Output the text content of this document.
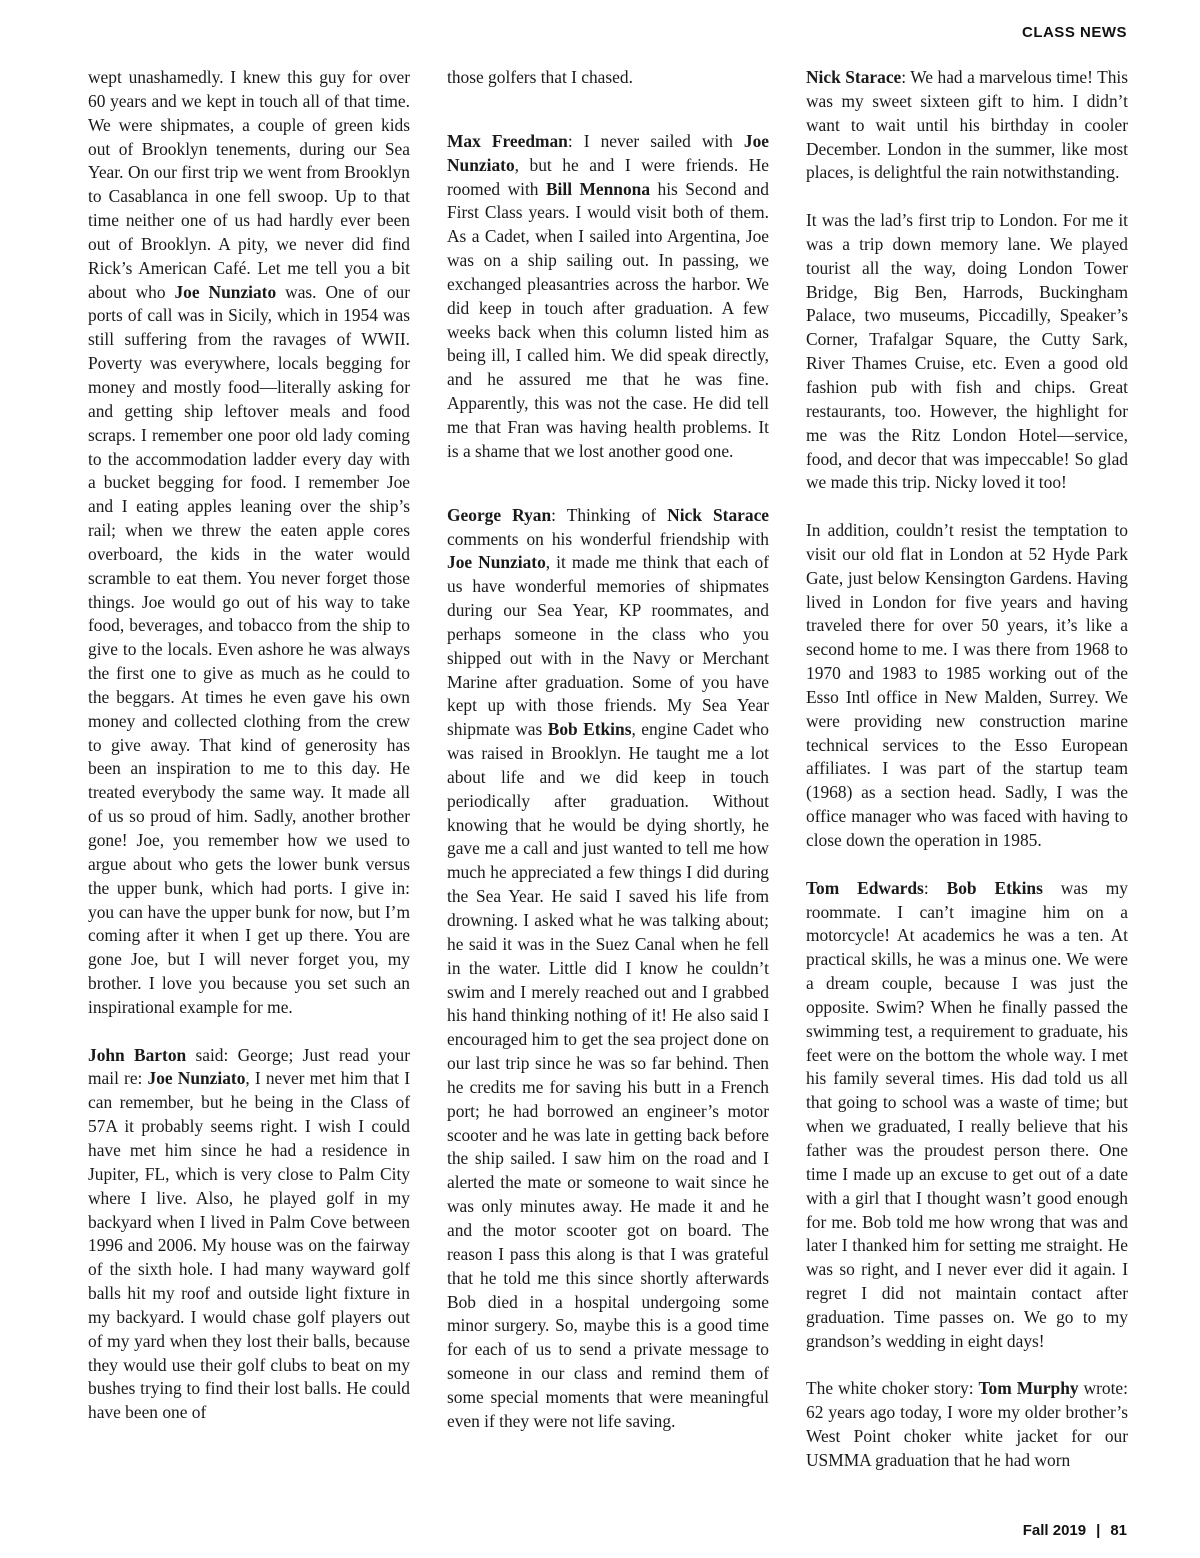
CLASS NEWS

wept unashamedly. I knew this guy for over 60 years and we kept in touch all of that time. We were shipmates, a couple of green kids out of Brooklyn tenements, during our Sea Year. On our first trip we went from Brooklyn to Casablanca in one fell swoop. Up to that time neither one of us had hardly ever been out of Brooklyn. A pity, we never did find Rick’s American Café. Let me tell you a bit about who Joe Nunziato was. One of our ports of call was in Sicily, which in 1954 was still suffering from the ravages of WWII. Poverty was everywhere, locals begging for money and mostly food—literally asking for and getting ship leftover meals and food scraps. I remember one poor old lady coming to the accommodation ladder every day with a bucket begging for food. I remember Joe and I eating apples leaning over the ship’s rail; when we threw the eaten apple cores overboard, the kids in the water would scramble to eat them. You never forget those things. Joe would go out of his way to take food, beverages, and tobacco from the ship to give to the locals. Even ashore he was always the first one to give as much as he could to the beggars. At times he even gave his own money and collected clothing from the crew to give away. That kind of generosity has been an inspiration to me to this day. He treated everybody the same way. It made all of us so proud of him. Sadly, another brother gone! Joe, you remember how we used to argue about who gets the lower bunk versus the upper bunk, which had ports. I give in: you can have the upper bunk for now, but I’m coming after it when I get up there. You are gone Joe, but I will never forget you, my brother. I love you because you set such an inspirational example for me.

John Barton said: George; Just read your mail re: Joe Nunziato, I never met him that I can remember, but he being in the Class of 57A it probably seems right. I wish I could have met him since he had a residence in Jupiter, FL, which is very close to Palm City where I live. Also, he played golf in my backyard when I lived in Palm Cove between 1996 and 2006. My house was on the fairway of the sixth hole. I had many wayward golf balls hit my roof and outside light fixture in my backyard. I would chase golf players out of my yard when they lost their balls, because they would use their golf clubs to beat on my bushes trying to find their lost balls. He could have been one of

those golfers that I chased.

Max Freedman: I never sailed with Joe Nunziato, but he and I were friends. He roomed with Bill Mennona his Second and First Class years. I would visit both of them. As a Cadet, when I sailed into Argentina, Joe was on a ship sailing out. In passing, we exchanged pleasantries across the harbor. We did keep in touch after graduation. A few weeks back when this column listed him as being ill, I called him. We did speak directly, and he assured me that he was fine. Apparently, this was not the case. He did tell me that Fran was having health problems. It is a shame that we lost another good one.

George Ryan: Thinking of Nick Starace comments on his wonderful friendship with Joe Nunziato, it made me think that each of us have wonderful memories of shipmates during our Sea Year, KP roommates, and perhaps someone in the class who you shipped out with in the Navy or Merchant Marine after graduation. Some of you have kept up with those friends. My Sea Year shipmate was Bob Etkins, engine Cadet who was raised in Brooklyn. He taught me a lot about life and we did keep in touch periodically after graduation. Without knowing that he would be dying shortly, he gave me a call and just wanted to tell me how much he appreciated a few things I did during the Sea Year. He said I saved his life from drowning. I asked what he was talking about; he said it was in the Suez Canal when he fell in the water. Little did I know he couldn’t swim and I merely reached out and I grabbed his hand thinking nothing of it! He also said I encouraged him to get the sea project done on our last trip since he was so far behind. Then he credits me for saving his butt in a French port; he had borrowed an engineer’s motor scooter and he was late in getting back before the ship sailed. I saw him on the road and I alerted the mate or someone to wait since he was only minutes away. He made it and he and the motor scooter got on board. The reason I pass this along is that I was grateful that he told me this since shortly afterwards Bob died in a hospital undergoing some minor surgery. So, maybe this is a good time for each of us to send a private message to someone in our class and remind them of some special moments that were meaningful even if they were not life saving.

Nick Starace: We had a marvelous time! This was my sweet sixteen gift to him. I didn’t want to wait until his birthday in cooler December. London in the summer, like most places, is delightful the rain notwithstanding.

It was the lad’s first trip to London. For me it was a trip down memory lane. We played tourist all the way, doing London Tower Bridge, Big Ben, Harrods, Buckingham Palace, two museums, Piccadilly, Speaker’s Corner, Trafalgar Square, the Cutty Sark, River Thames Cruise, etc. Even a good old fashion pub with fish and chips. Great restaurants, too. However, the highlight for me was the Ritz London Hotel—service, food, and decor that was impeccable! So glad we made this trip. Nicky loved it too!

In addition, couldn’t resist the temptation to visit our old flat in London at 52 Hyde Park Gate, just below Kensington Gardens. Having lived in London for five years and having traveled there for over 50 years, it’s like a second home to me. I was there from 1968 to 1970 and 1983 to 1985 working out of the Esso Intl office in New Malden, Surrey. We were providing new construction marine technical services to the Esso European affiliates. I was part of the startup team (1968) as a section head. Sadly, I was the office manager who was faced with having to close down the operation in 1985.

Tom Edwards: Bob Etkins was my roommate. I can’t imagine him on a motorcycle! At academics he was a ten. At practical skills, he was a minus one. We were a dream couple, because I was just the opposite. Swim? When he finally passed the swimming test, a requirement to graduate, his feet were on the bottom the whole way. I met his family several times. His dad told us all that going to school was a waste of time; but when we graduated, I really believe that his father was the proudest person there. One time I made up an excuse to get out of a date with a girl that I thought wasn’t good enough for me. Bob told me how wrong that was and later I thanked him for setting me straight. He was so right, and I never ever did it again. I regret I did not maintain contact after graduation. Time passes on. We go to my grandson’s wedding in eight days!

The white choker story: Tom Murphy wrote: 62 years ago today, I wore my older brother’s West Point choker white jacket for our USMMA graduation that he had worn

Fall 2019 | 81
